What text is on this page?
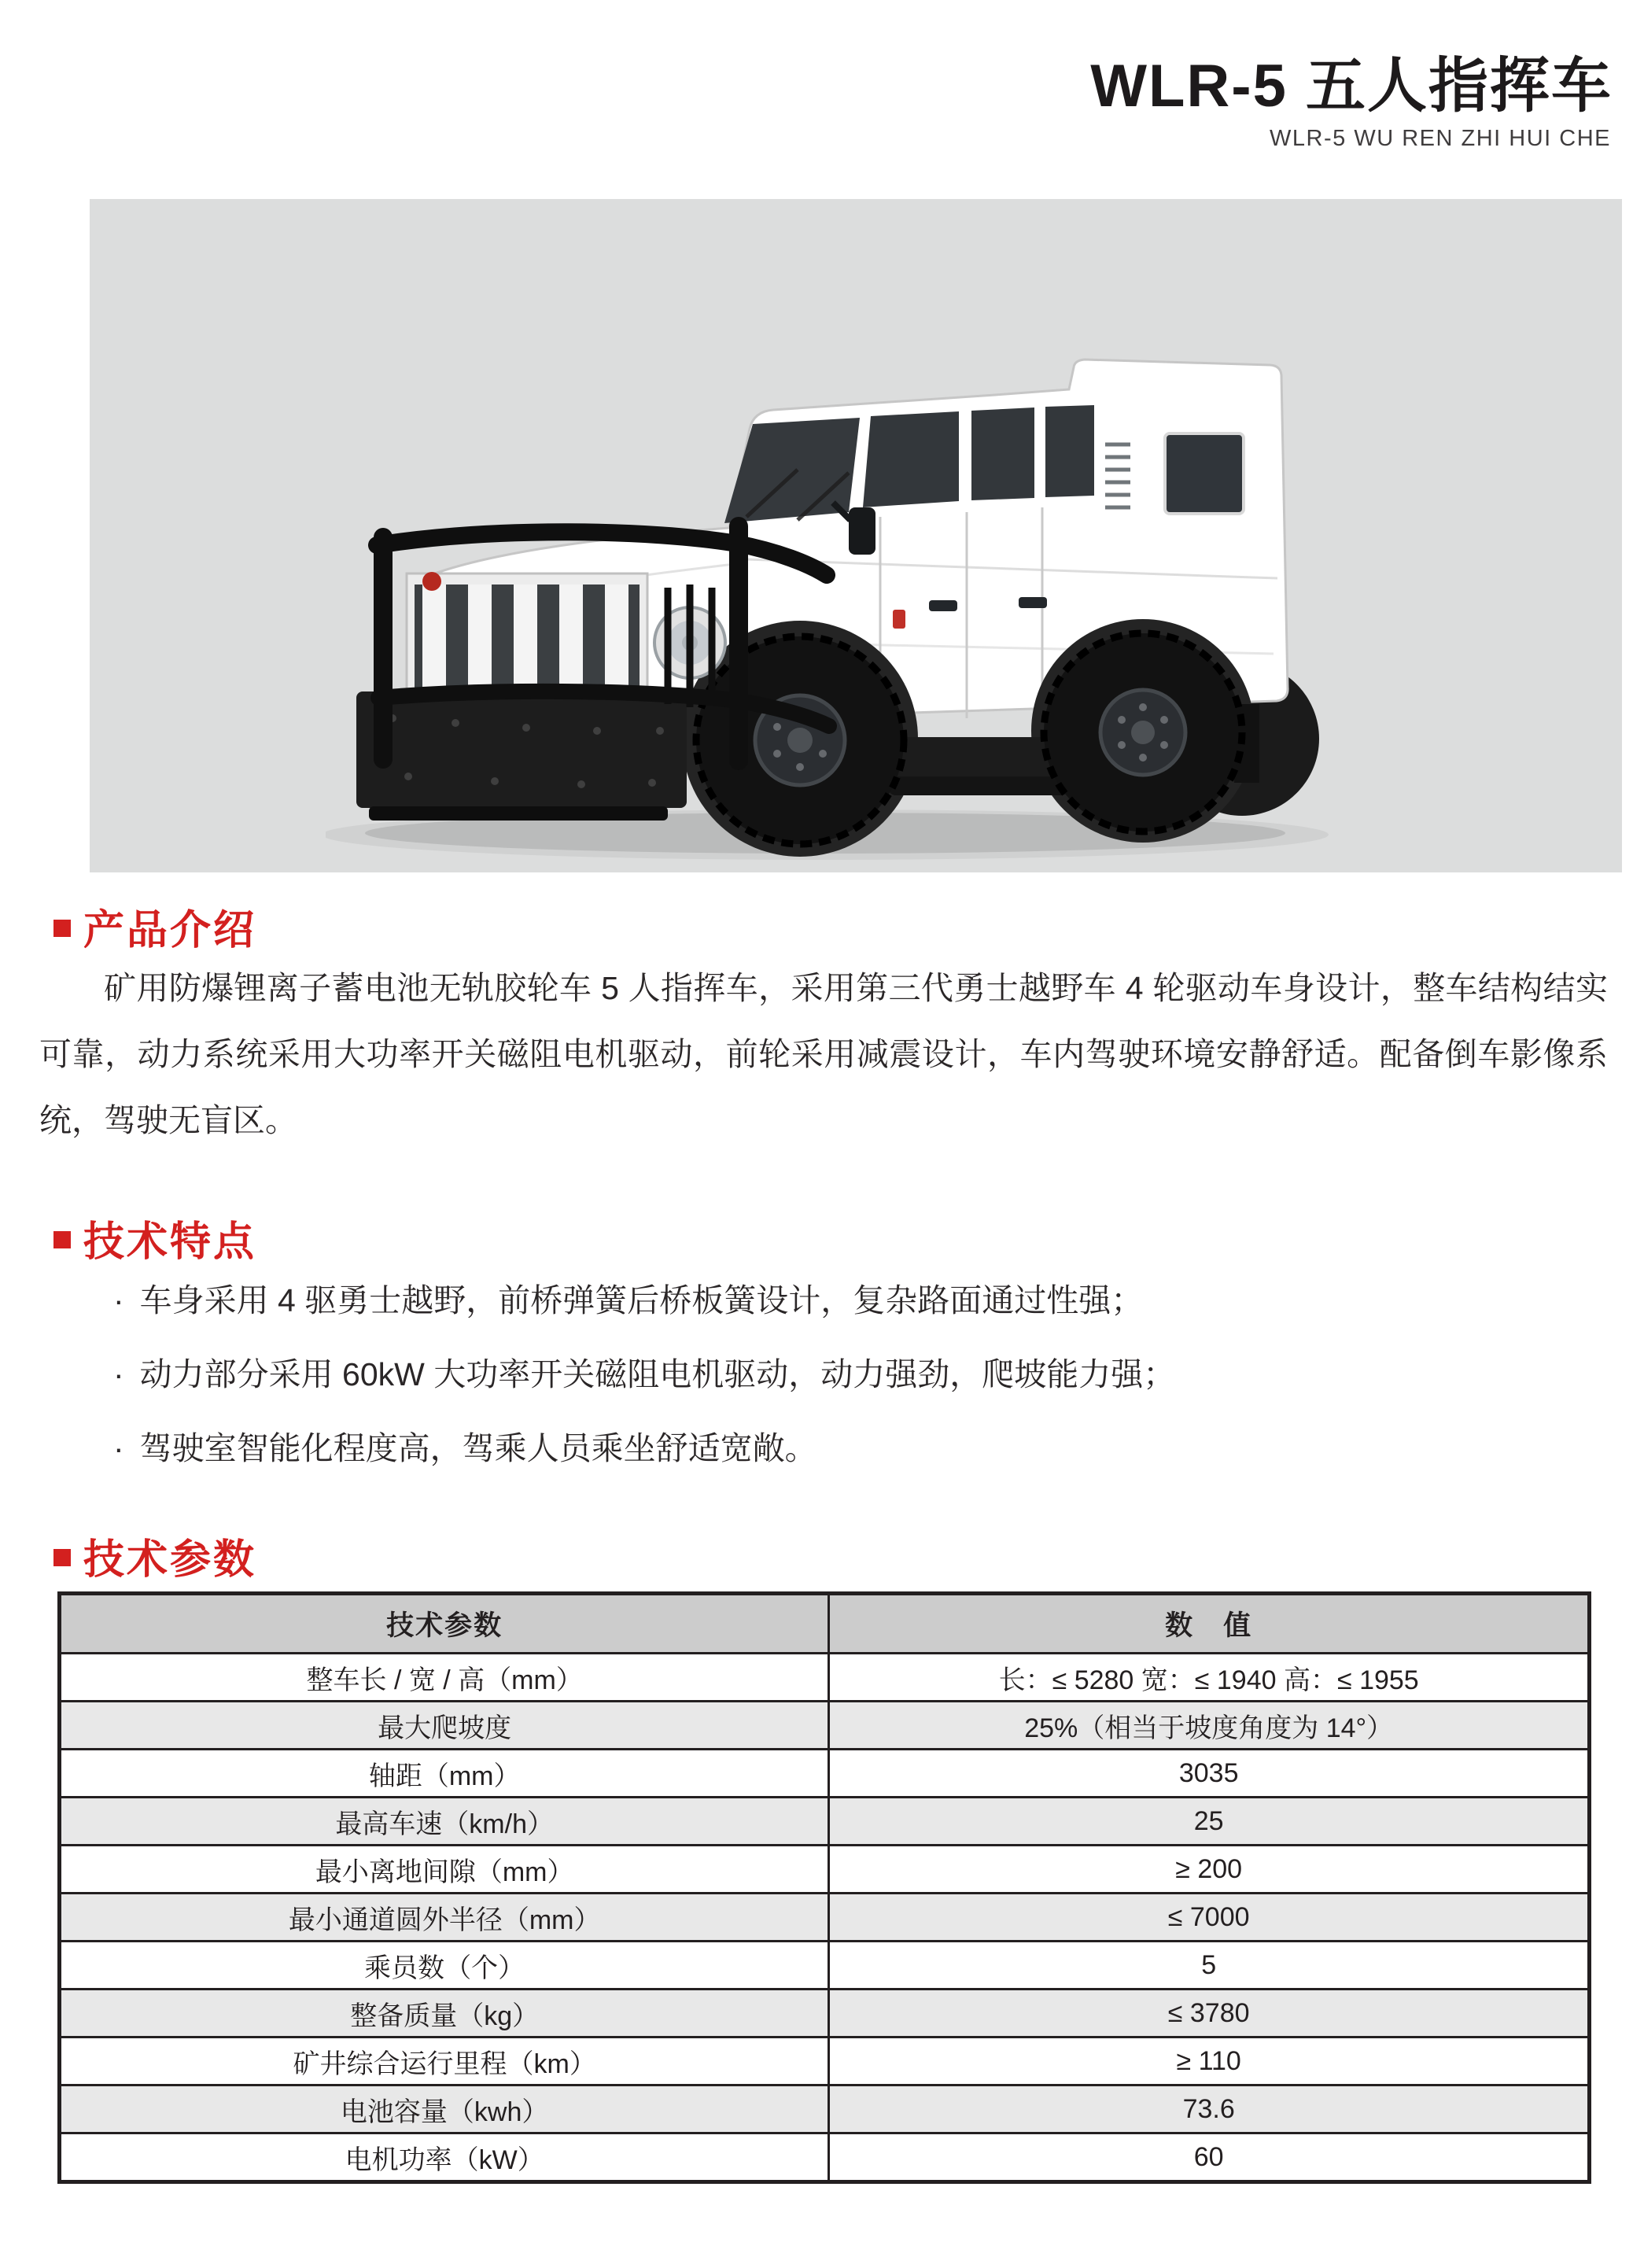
WLR-5 五人指挥车
WLR-5 WU REN ZHI HUI CHE
产品介绍

矿用防爆锂离子蓄电池无轨胶轮车 5 人指挥车，采用第三代勇士越野车 4 轮驱动车身设计，整车结构结实可靠，动力系统采用大功率开关磁阻电机驱动，前轮采用减震设计，车内驾驶环境安静舒适。配备倒车影像系统，驾驶无盲区。

技术特点
· 车身采用 4 驱勇士越野，前桥弹簧后桥板簧设计，复杂路面通过性强；
· 动力部分采用 60kW 大功率开关磁阻电机驱动，动力强劲，爬坡能力强；
· 驾驶室智能化程度高，驾乘人员乘坐舒适宽敞。
技术参数
技术参数	数　值
整车长 / 宽 / 高（mm）	长：≤ 5280 宽：≤ 1940 高：≤ 1955
最大爬坡度	25%（相当于坡度角度为 14°）
轴距（mm）	3035
最高车速（km/h）	25
最小离地间隙（mm）	≥ 200
最小通道圆外半径（mm）	≤ 7000
乘员数（个）	5
整备质量（kg）	≤ 3780
矿井综合运行里程（km）	≥ 110
电池容量（kwh）	73.6
电机功率（kW）	60
